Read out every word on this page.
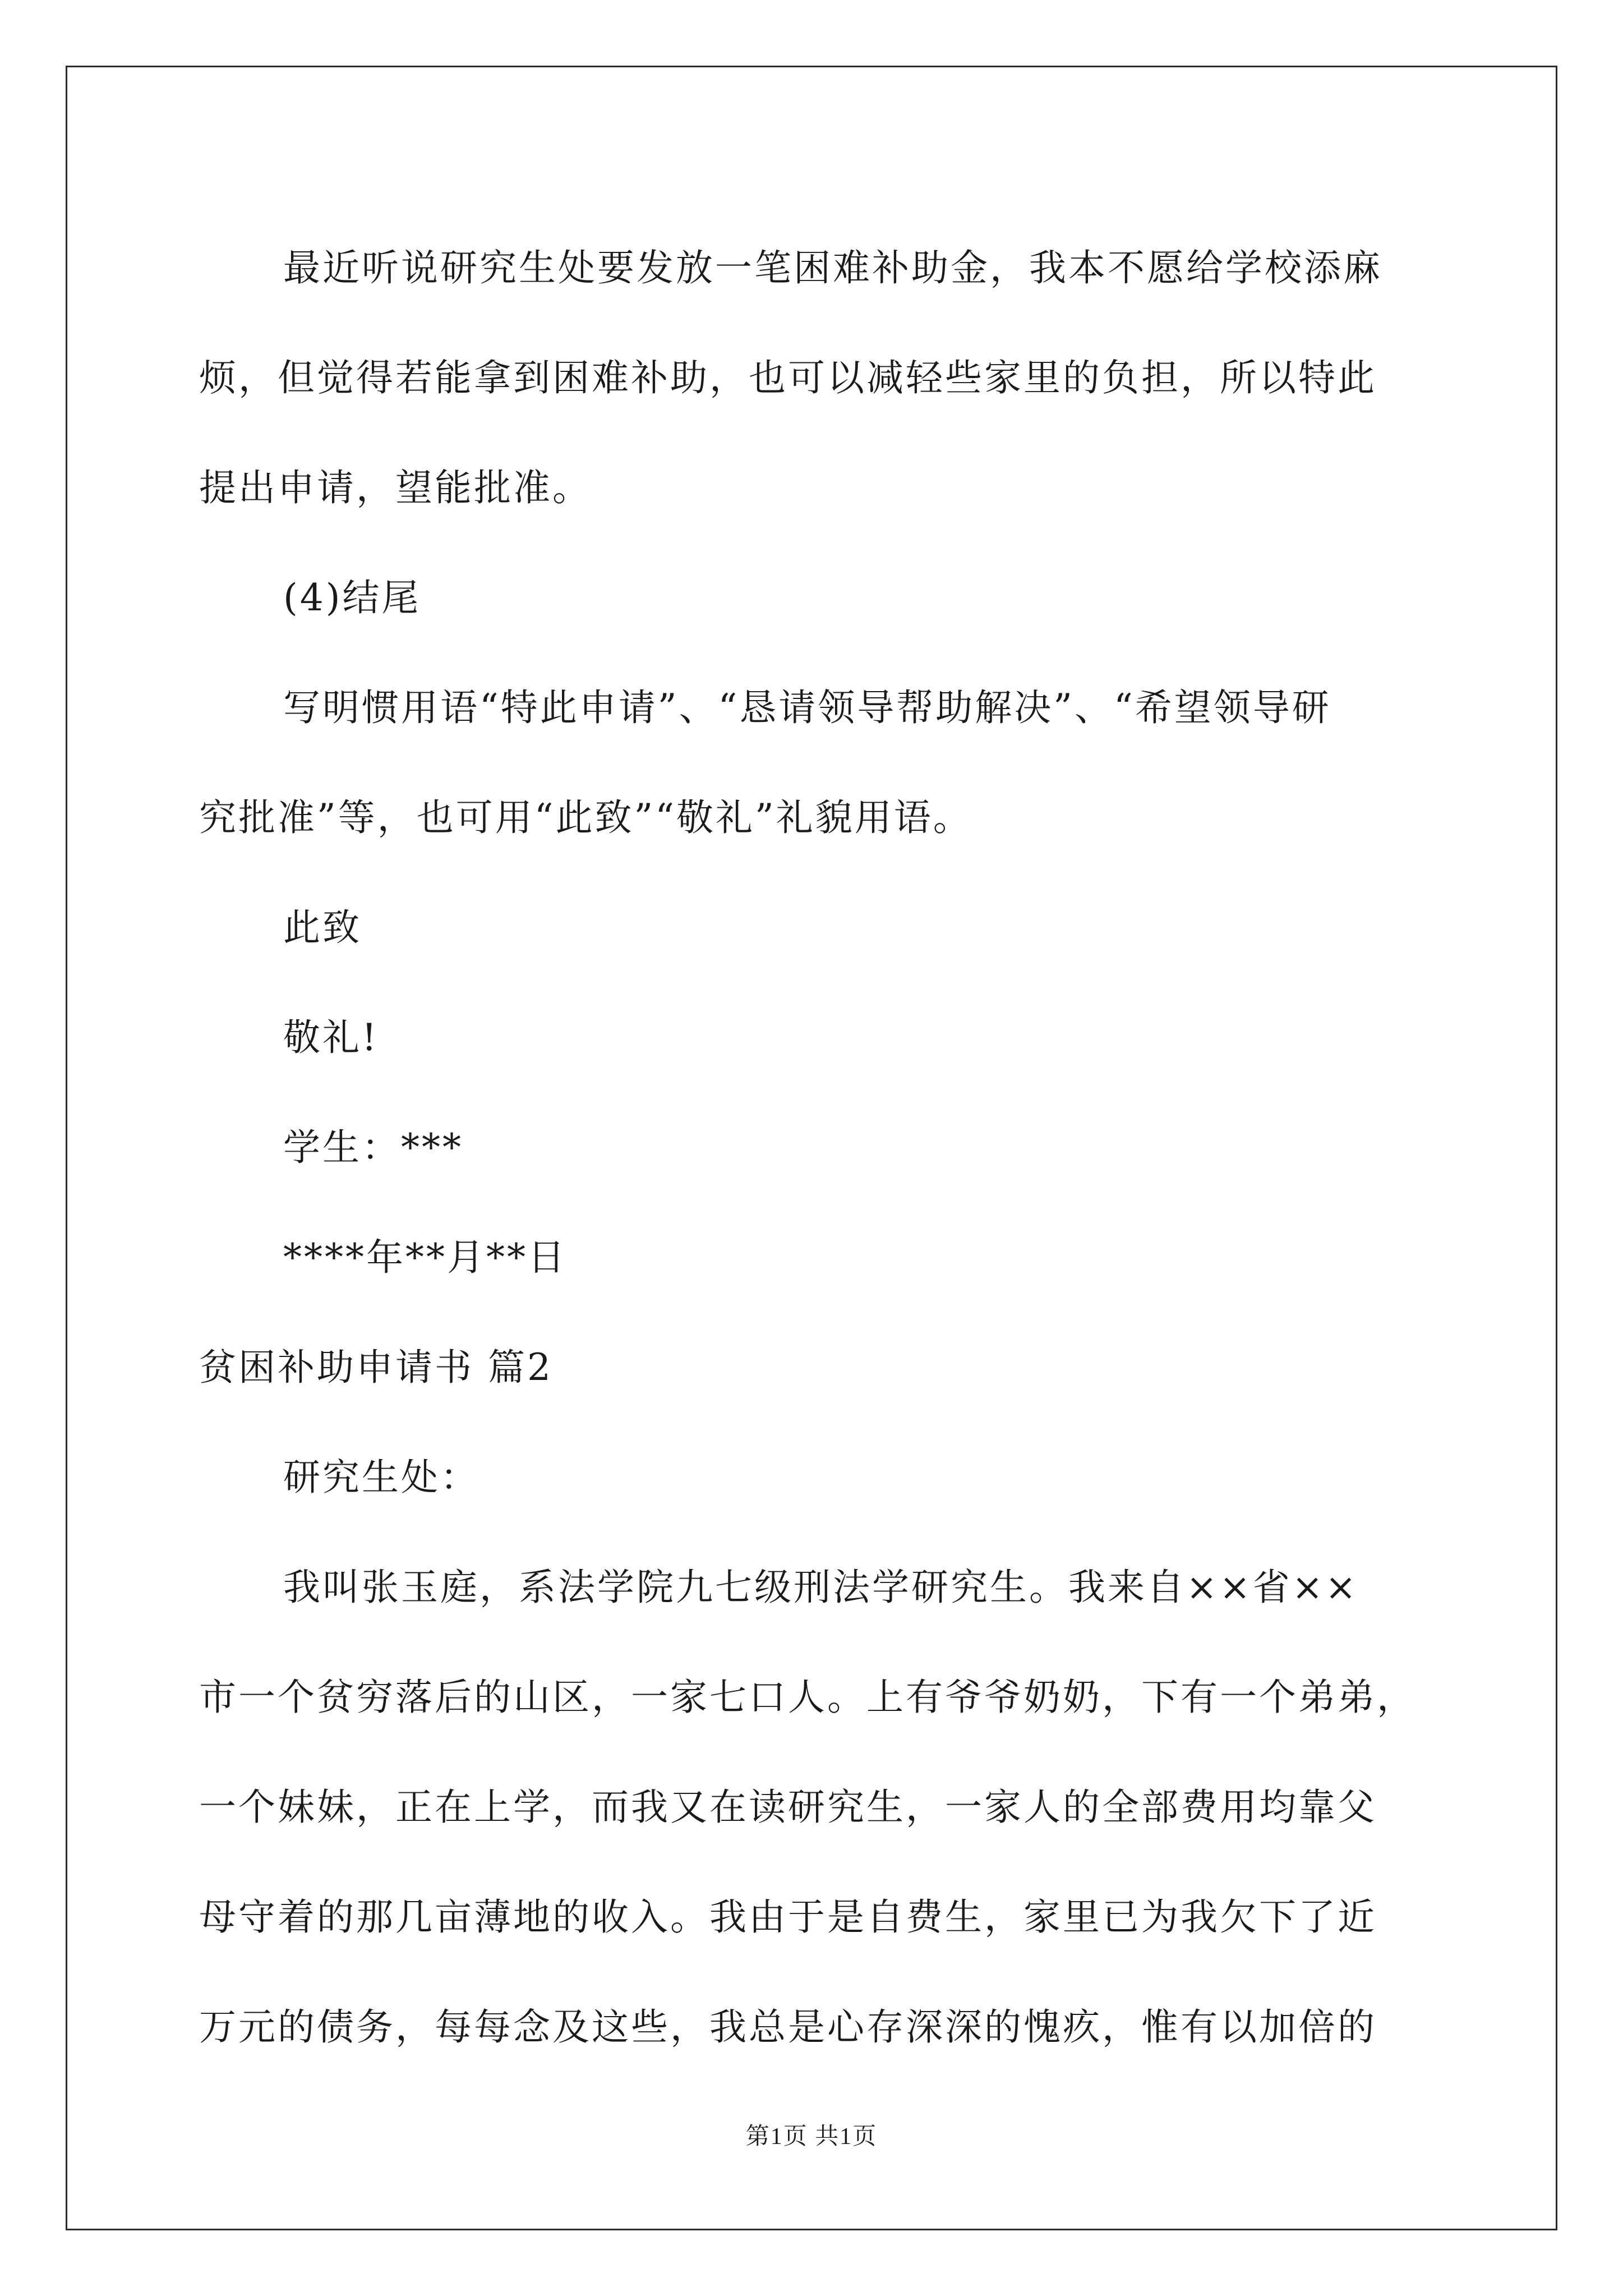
最近听说研究生处要发放一笔困难补助金，我本不愿给学校添麻

烦，但觉得若能拿到困难补助，也可以减轻些家里的负担，所以特此

提出申请，望能批准。

(4)结尾

写明惯用语“特此申请”、“恳请领导帮助解决”、“希望领导研

究批准”等，也可用“此致”“敬礼”礼貌用语。

此致

敬礼!

学生：***

****年**月**日

贫困补助申请书 篇2

研究生处：

我叫张玉庭，系法学院九七级刑法学研究生。我来自××省××

市一个贫穷落后的山区，一家七口人。上有爷爷奶奶，下有一个弟弟，

一个妹妹，正在上学，而我又在读研究生，一家人的全部费用均靠父

母守着的那几亩薄地的收入。我由于是自费生，家里已为我欠下了近

万元的债务，每每念及这些，我总是心存深深的愧疚，惟有以加倍的

第1页 共1页
